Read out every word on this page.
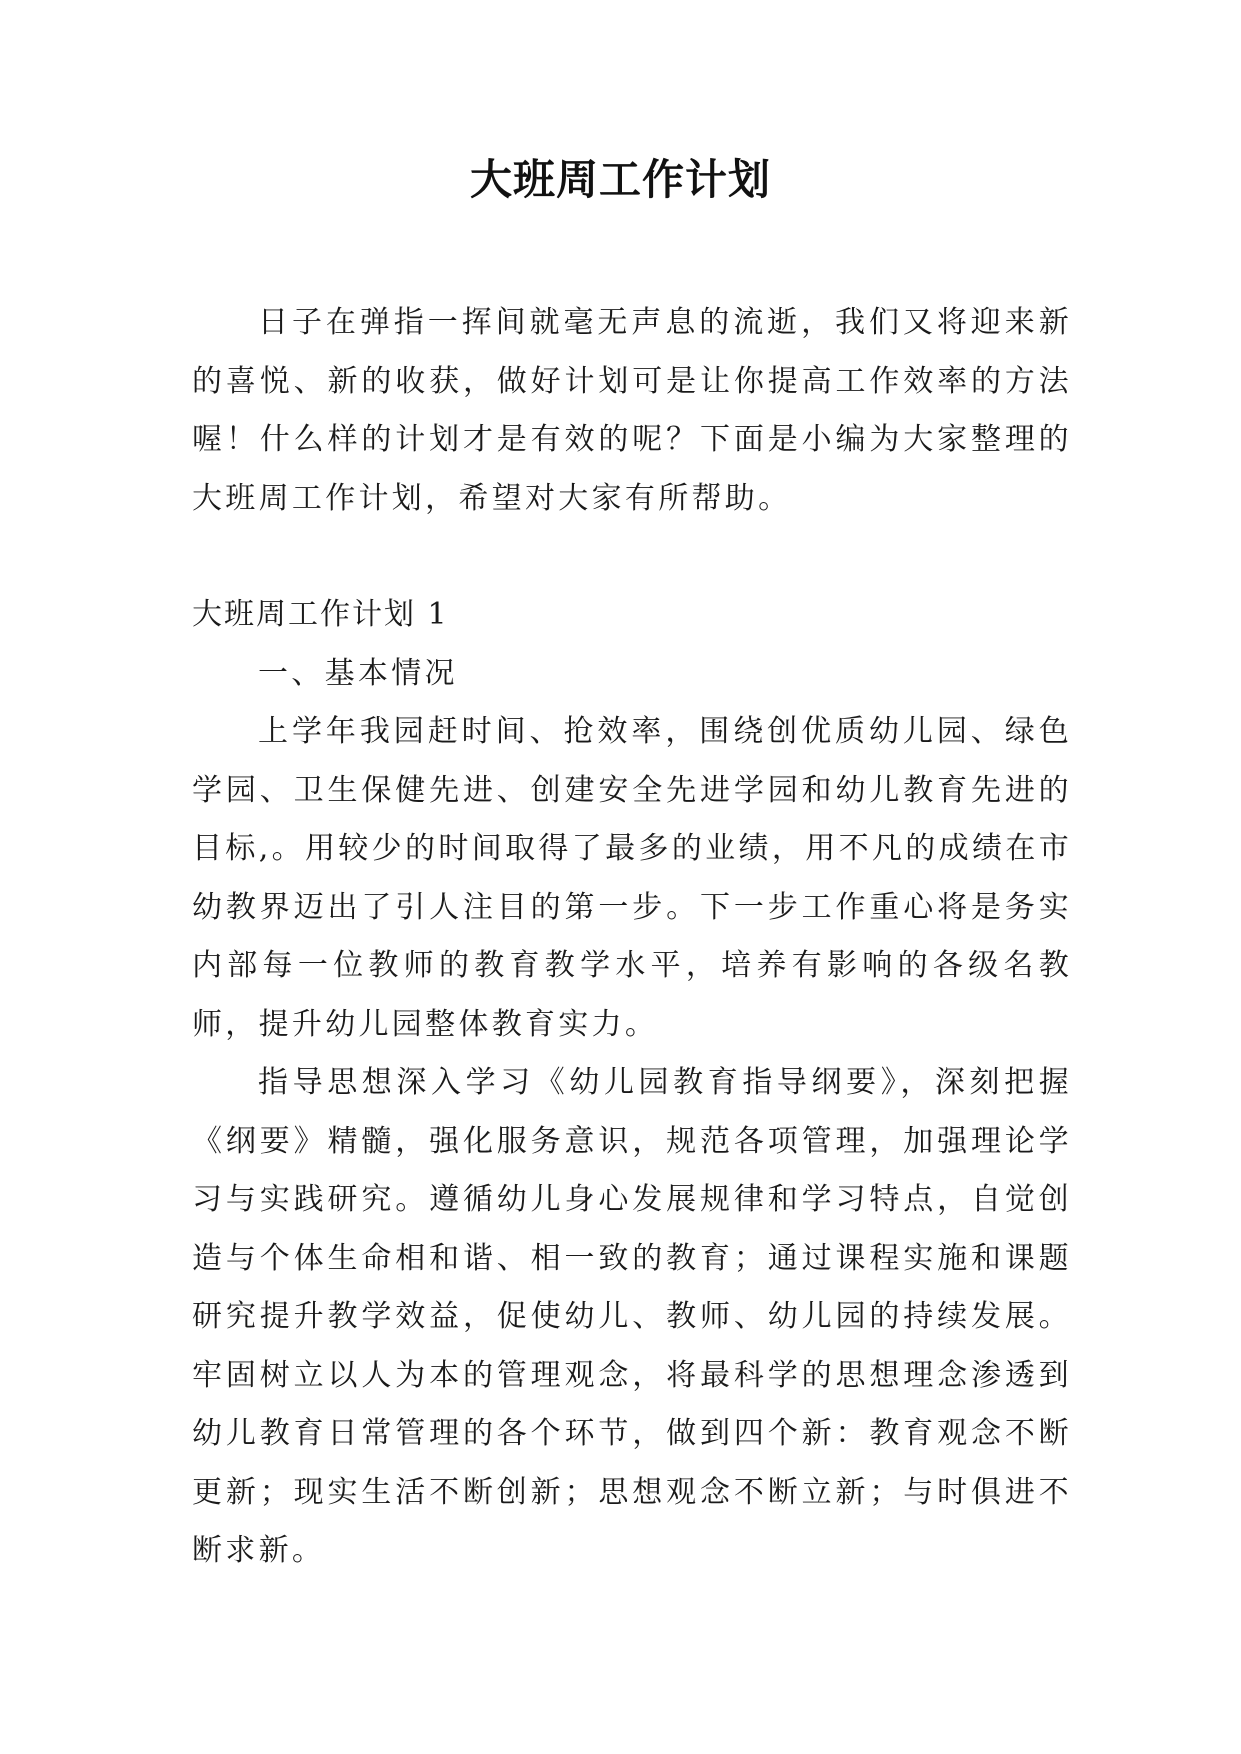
大班周工作计划

日子在弹指一挥间就毫无声息的流逝，我们又将迎来新的喜悦、新的收获，做好计划可是让你提高工作效率的方法喔！什么样的计划才是有效的呢？下面是小编为大家整理的大班周工作计划，希望对大家有所帮助。

大班周工作计划 1

一、基本情况

上学年我园赶时间、抢效率，围绕创优质幼儿园、绿色学园、卫生保健先进、创建安全先进学园和幼儿教育先进的目标,。用较少的时间取得了最多的业绩，用不凡的成绩在市幼教界迈出了引人注目的第一步。下一步工作重心将是务实内部每一位教师的教育教学水平，培养有影响的各级名教师，提升幼儿园整体教育实力。

指导思想深入学习《幼儿园教育指导纲要》，深刻把握《纲要》精髓，强化服务意识，规范各项管理，加强理论学习与实践研究。遵循幼儿身心发展规律和学习特点，自觉创造与个体生命相和谐、相一致的教育；通过课程实施和课题研究提升教学效益，促使幼儿、教师、幼儿园的持续发展。牢固树立以人为本的管理观念，将最科学的思想理念渗透到幼儿教育日常管理的各个环节，做到四个新：教育观念不断更新；现实生活不断创新；思想观念不断立新；与时俱进不断求新。
